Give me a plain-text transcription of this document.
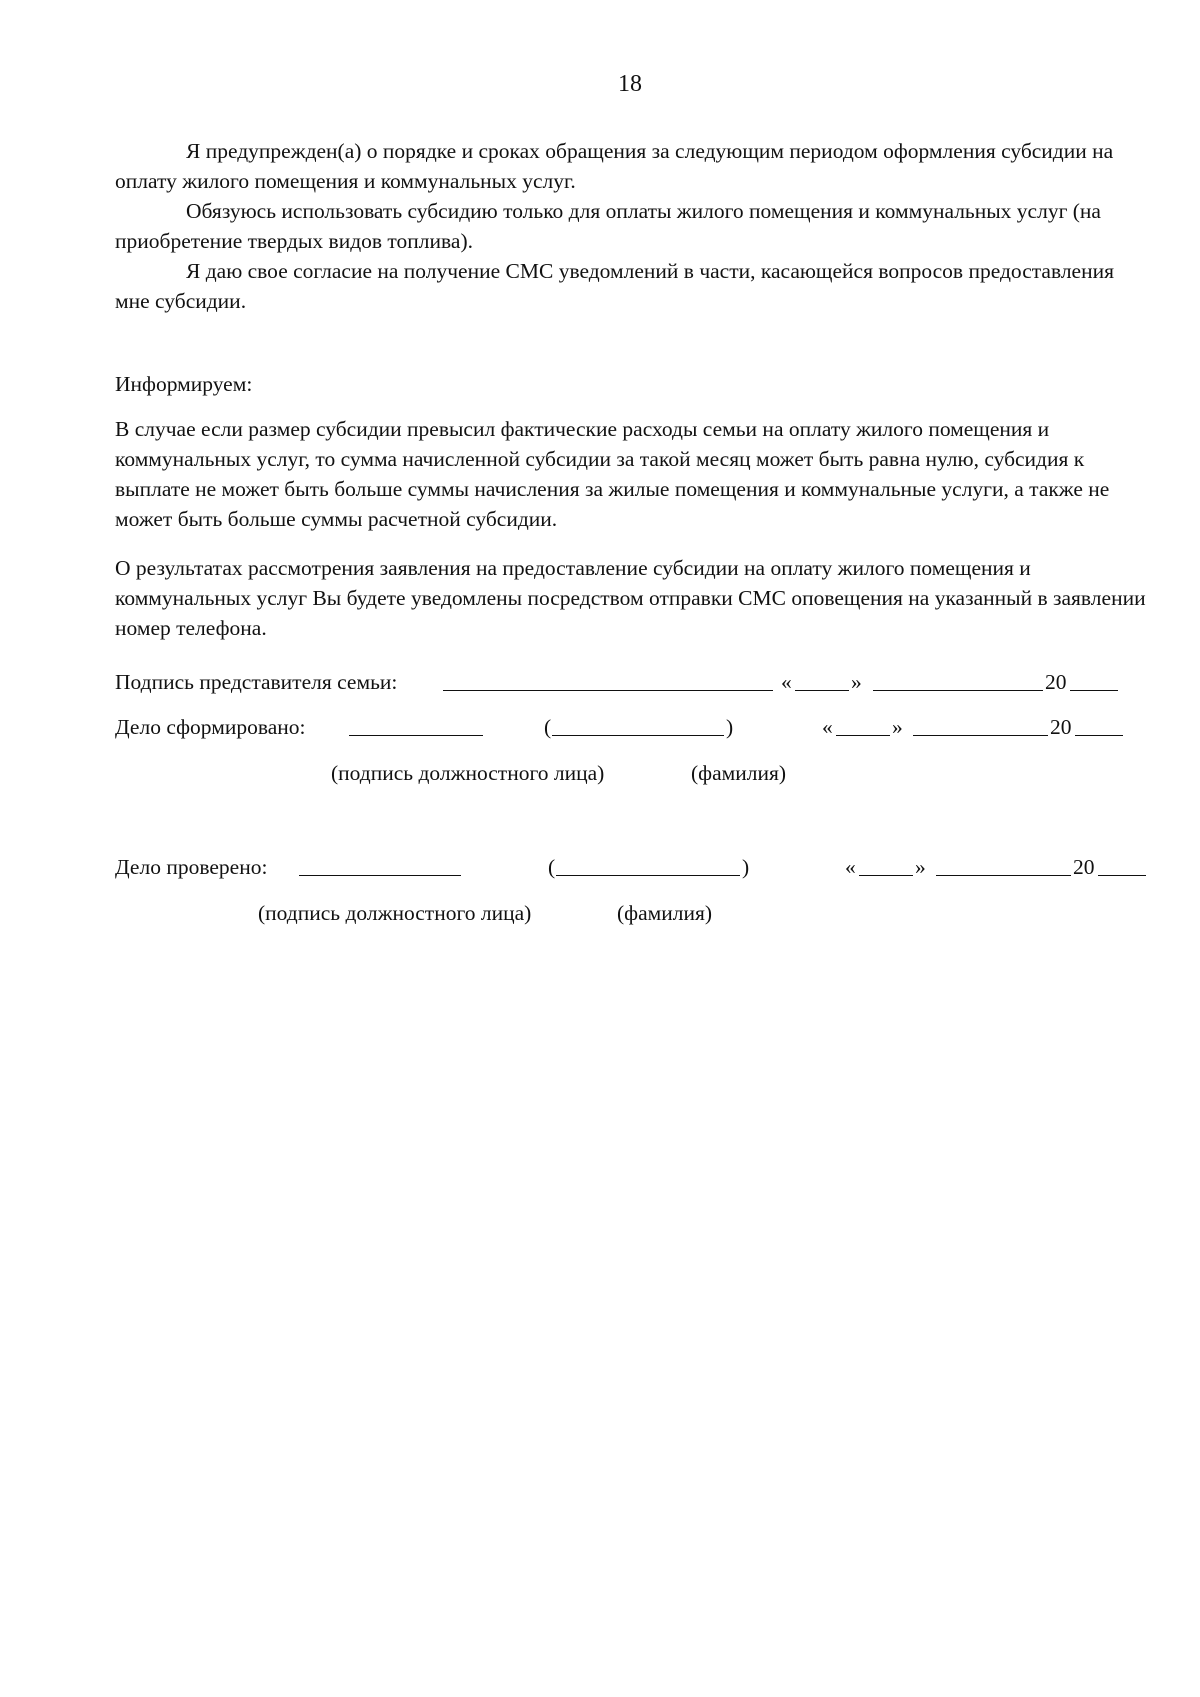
18

Я предупрежден(а) о порядке и сроках обращения за следующим периодом оформления субсидии на оплату жилого помещения и коммунальных услуг.

Обязуюсь использовать субсидию только для оплаты жилого помещения и коммунальных услуг (на приобретение твердых видов топлива).

Я даю свое согласие на получение СМС уведомлений в части, касающейся вопросов предоставления мне субсидии.

Информируем:

В случае если размер субсидии превысил фактические расходы семьи на оплату жилого помещения и коммунальных услуг, то сумма начисленной субсидии за такой месяц может быть равна нулю, субсидия к выплате не может быть больше суммы начисления за жилые помещения и коммунальные услуги, а также не может быть больше суммы расчетной субсидии.

О результатах рассмотрения заявления на предоставление субсидии на оплату жилого помещения и коммунальных услуг Вы будете уведомлены посредством отправки СМС оповещения на указанный в заявлении номер телефона.

Подпись представителя семьи:	«	»	20
Дело сформировано:	(	)	«	»	20
(подпись должностного лица)	(фамилия)
Дело проверено:	(	)	«	»	20
(подпись должностного лица)	(фамилия)
